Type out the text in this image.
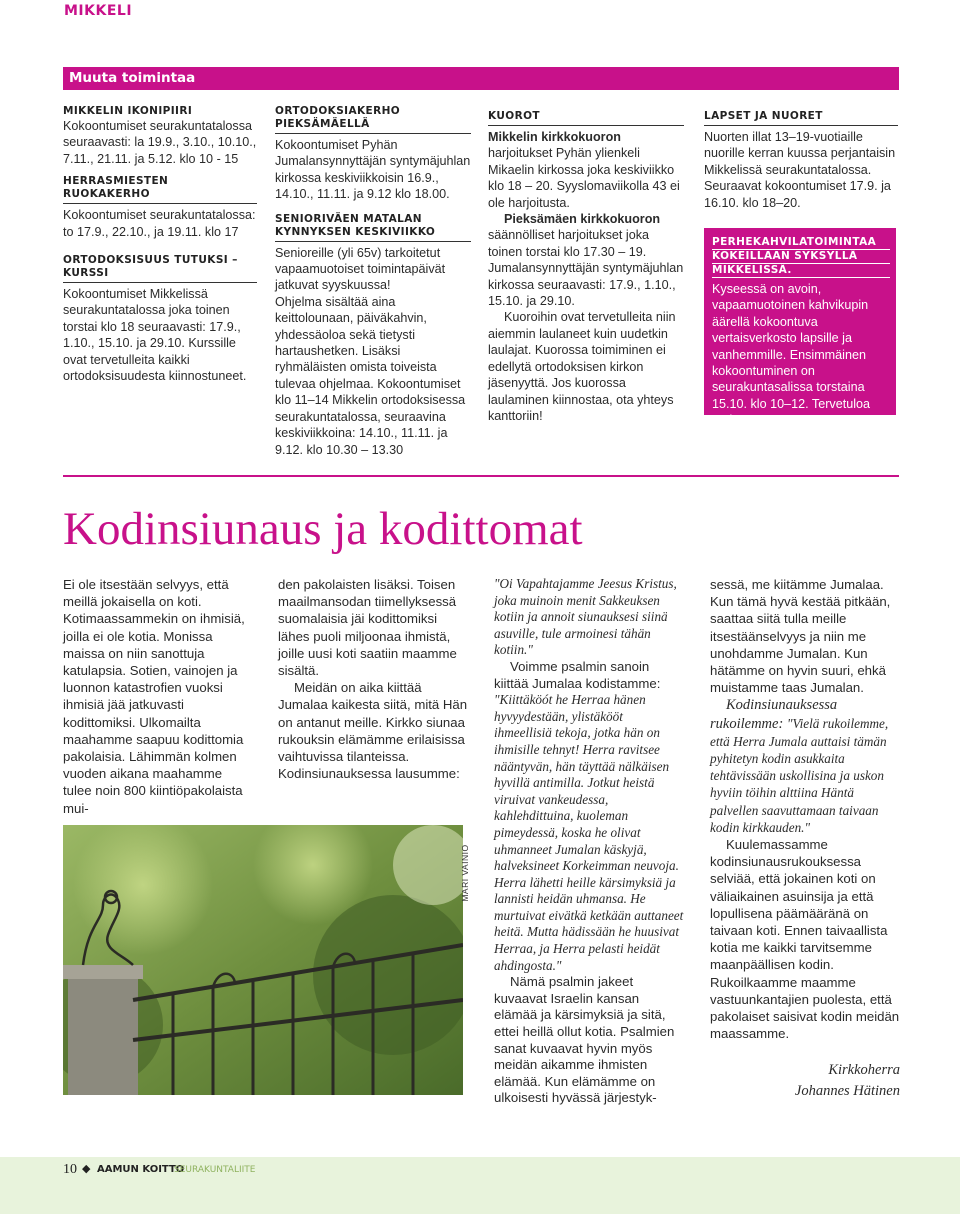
MIKKELI
Muuta toimintaa
MIKKELIN IKONIPIIRI

Kokoontumiset seurakuntatalossa seuraavasti: la 19.9., 3.10., 10.10., 7.11., 21.11. ja 5.12. klo 10 - 15

HERRASMIESTEN RUOKAKERHO

Kokoontumiset seurakuntatalossa: to 17.9., 22.10., ja 19.11. klo 17

ORTODOKSISUUS TUTUKSI –
KURSSI

Kokoontumiset Mikkelissä seurakuntatalossa joka toinen torstai klo 18 seuraavasti: 17.9., 1.10., 15.10. ja 29.10. Kurssille ovat tervetulleita kaikki ortodoksisuudesta kiinnostuneet.

ORTODOKSIAKERHO
PIEKSÄMÄELLÄ

Kokoontumiset Pyhän Jumalansynnyttäjän syntymäjuhlan kirkossa keskiviikkoisin 16.9., 14.10., 11.11. ja 9.12 klo 18.00.

SENIORIVÄEN MATALAN
KYNNYKSEN KESKIVIIKKO

Senioreille (yli 65v) tarkoitetut vapaamuotoiset toimintapäivät jatkuvat syyskuussa!

Ohjelma sisältää aina keittolounaan, päiväkahvin, yhdessäoloa sekä tietysti hartaushetken. Lisäksi ryhmäläisten omista toiveista tulevaa ohjelmaa. Kokoontumiset klo 11–14 Mikkelin ortodoksisessa seurakuntatalossa, seuraavina keskiviikkoina: 14.10., 11.11. ja 9.12. klo 10.30 – 13.30

KUOROT

Mikkelin kirkkokuoron harjoitukset Pyhän ylienkeli Mikaelin kirkossa joka keskiviikko klo 18 – 20. Syyslomaviikolla 43 ei ole harjoitusta.

Pieksämäen kirkkokuoron säännölliset harjoitukset joka toinen torstai klo 17.30 – 19. Jumalansynnyttäjän syntymäjuhlan kirkossa seuraavasti: 17.9., 1.10., 15.10. ja 29.10.

Kuoroihin ovat tervetulleita niin aiemmin laulaneet kuin uudetkin laulajat. Kuorossa toimiminen ei edellytä ortodoksisen kirkon jäsenyyttä. Jos kuorossa laulaminen kiinnostaa, ota yhteys kanttoriin!

LAPSET JA NUORET

Nuorten illat 13–19-vuotiaille nuorille kerran kuussa perjantaisin Mikkelissä seurakuntatalossa. Seuraavat kokoontumiset 17.9. ja 16.10. klo 18–20.

PERHEKAHVILATOIMINTAA
KOKEILLAAN SYKSYLLÄ
MIKKELISSÄ.

Kyseessä on avoin, vapaamuotoinen kahvikupin äärellä kokoontuva vertaisverkosto lapsille ja vanhemmille. Ensimmäinen kokoontuminen on seurakuntasalissa torstaina 15.10. klo 10–12. Tervetuloa mukaan!

Kodinsiunaus ja kodittomat

Ei ole itsestään selvyys, että meillä jokaisella on koti. Kotimaassammekin on ihmisiä, joilla ei ole kotia. Monissa maissa on niin sanottuja katulapsia. Sotien, vainojen ja luonnon katastrofien vuoksi ihmisiä jää jatkuvasti kodittomiksi. Ulkomailta maahamme saapuu kodittomia pakolaisia. Lähimmän kolmen vuoden aikana maahamme tulee noin 800 kiintiöpakolaista mui-

den pakolaisten lisäksi. Toisen maailmansodan tiimellyksessä suomalaisia jäi kodittomiksi lähes puoli miljoonaa ihmistä, joille uusi koti saatiin maamme sisältä.

Meidän on aika kiittää Jumalaa kaikesta siitä, mitä Hän on antanut meille. Kirkko siunaa rukouksin elämämme erilaisissa vaihtuvissa tilanteissa. Kodinsiunauksessa lausumme:

MARI VAINIO

"Oi Vapahtajamme Jeesus Kristus, joka muinoin menit Sakkeuksen kotiin ja annoit siunauksesi siinä asuville, tule armoinesi tähän kotiin."

Voimme psalmin sanoin kiittää Jumalaa kodistamme: "Kiittäköót he Herraa hänen hyvyydestään, ylistäkööt ihmeellisiä tekoja, jotka hän on ihmisille tehnyt! Herra ravitsee nääntyvän, hän täyttää nälkäisen hyvillä antimilla. Jotkut heistä viruivat vankeudessa, kahlehdittuina, kuoleman pimeydessä, koska he olivat uhmanneet Jumalan käskyjä, halveksineet Korkeimman neuvoja. Herra lähetti heille kärsimyksiä ja lannisti heidän uhmansa. He murtuivat eivätkä ketkään auttaneet heitä. Mutta hädissään he huusivat Herraa, ja Herra pelasti heidät ahdingosta."

Nämä psalmin jakeet kuvaavat Israelin kansan elämää ja kärsimyksiä ja sitä, ettei heillä ollut kotia. Psalmien sanat kuvaavat hyvin myös meidän aikamme ihmisten elämää. Kun elämämme on ulkoisesti hyvässä järjestyk-

sessä, me kiitämme Jumalaa. Kun tämä hyvä kestää pitkään, saattaa siitä tulla meille itsestäänselvyys ja niin me unohdamme Jumalan. Kun hätämme on hyvin suuri, ehkä muistamme taas Jumalan.

Kodinsiunauksessa rukoilemme: "Vielä rukoilemme, että Herra Jumala auttaisi tämän pyhitetyn kodin asukkaita tehtävissään uskollisina ja uskon hyviin töihin alttiina Häntä palvellen saavuttamaan taivaan kodin kirkkauden."

Kuulemassamme kodinsiunausrukouksessa selviää, että jokainen koti on väliaikainen asuinsija ja että lopullisena päämääränä on taivaan koti. Ennen taivaallista kotia me kaikki tarvitsemme maanpäällisen kodin. Rukoilkaamme maamme vastuunkantajien puolesta, että pakolaiset saisivat kodin meidän maassamme.

Kirkkoherra
Johannes Hätinen
10 ◆ AAMUN KOITTO
SEURAKUNTALIITE
